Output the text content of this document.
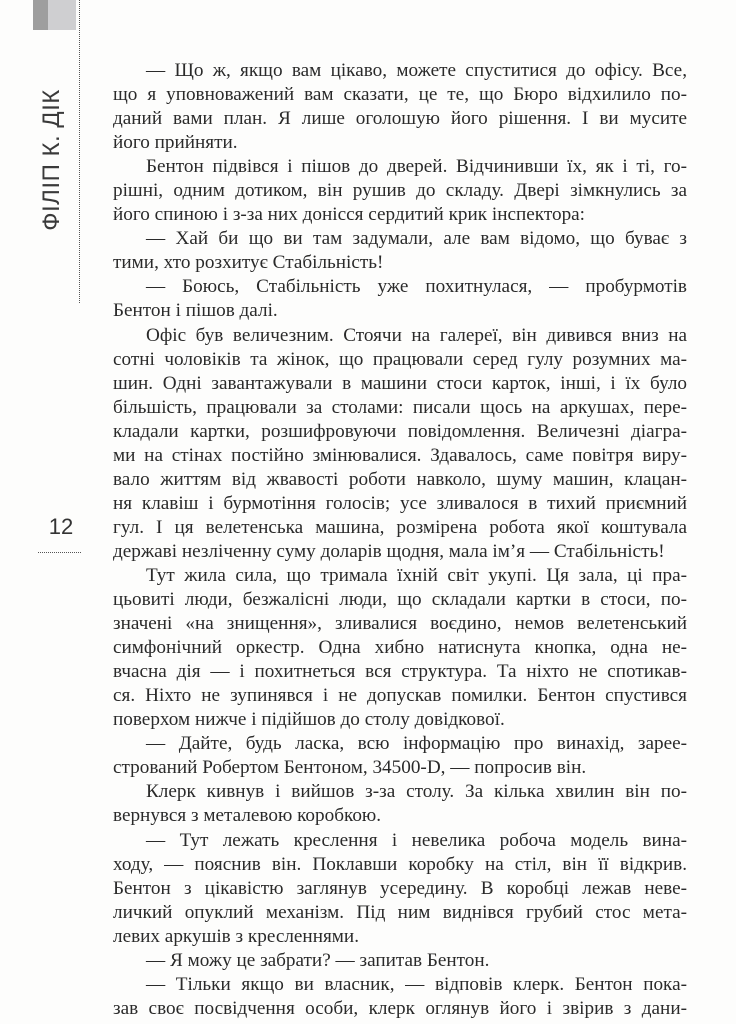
ФІЛІП К. ДІК
12
— Що ж, якщо вам цікаво, можете спуститися до офісу. Все,
що я уповноважений вам сказати, це те, що Бюро відхилило по-
даний вами план. Я лише оголошую його рішення. І ви мусите
його прийняти.
Бентон підвівся і пішов до дверей. Відчинивши їх, як і ті, го-
рішні, одним дотиком, він рушив до складу. Двері зімкнулись за
його спиною і з-за них донісся сердитий крик інспектора:
— Хай би що ви там задумали, але вам відомо, що буває з
тими, хто розхитує Стабільність!
— Боюсь, Стабільність уже похитнулася, — пробурмотів
Бентон і пішов далі.
Офіс був величезним. Стоячи на галереї, він дивився вниз на
сотні чоловіків та жінок, що працювали серед гулу розумних ма-
шин. Одні завантажували в машини стоси карток, інші, і їх було
більшість, працювали за столами: писали щось на аркушах, пере-
кладали картки, розшифровуючи повідомлення. Величезні діагра-
ми на стінах постійно змінювалися. Здавалось, саме повітря виру-
вало життям від жвавості роботи навколо, шуму машин, клацан-
ня клавіш і бурмотіння голосів; усе зливалося в тихий приємний
гул. І ця велетенська машина, розмірена робота якої коштувала
державі незліченну суму доларів щодня, мала ім’я — Стабільність!
Тут жила сила, що тримала їхній світ укупі. Ця зала, ці пра-
цьовиті люди, безжалісні люди, що складали картки в стоси, по-
значені «на знищення», зливалися воєдино, немов велетенський
симфонічний оркестр. Одна хибно натиснута кнопка, одна не-
вчасна дія — і похитнеться вся структура. Та ніхто не спотикав-
ся. Ніхто не зупинявся і не допускав помилки. Бентон спустився
поверхом нижче і підійшов до столу довідкової.
— Дайте, будь ласка, всю інформацію про винахід, зарее-
стрований Робертом Бентоном, 34500-D, — попросив він.
Клерк кивнув і вийшов з-за столу. За кілька хвилин він по-
вернувся з металевою коробкою.
— Тут лежать креслення і невелика робоча модель вина-
ходу, — пояснив він. Поклавши коробку на стіл, він її відкрив.
Бентон з цікавістю заглянув усередину. В коробці лежав неве-
личкий опуклий механізм. Під ним виднівся грубий стос мета-
левих аркушів з кресленнями.
— Я можу це забрати? — запитав Бентон.
— Тільки якщо ви власник, — відповів клерк. Бентон пока-
зав своє посвідчення особи, клерк оглянув його і звірив з дани-
